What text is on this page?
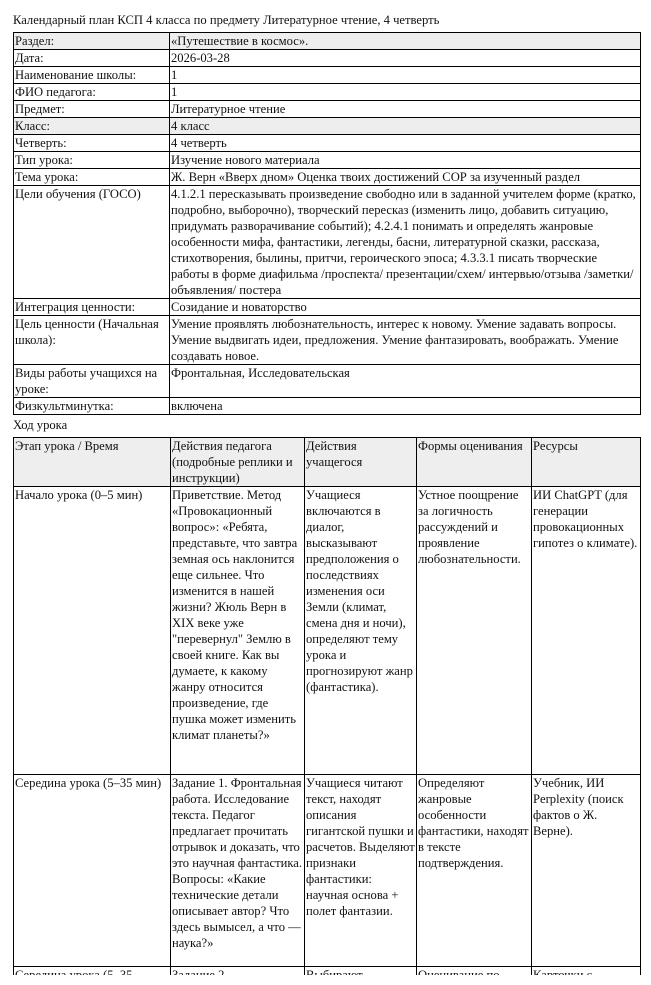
Календарный план КСП 4 класса по предмету Литературное чтение, 4 четверть
Раздел:	«Путешествие в космос».
Дата:	2026-03-28
Наименование школы:	1
ФИО педагога:	1
Предмет:	Литературное чтение
Класс:	4 класс
Четверть:	4 четверть
Тип урока:	Изучение нового материала
Тема урока:	Ж. Верн «Вверх дном» Оценка твоих достижений СОР за изученный раздел
Цели обучения (ГОСО)	4.1.2.1 пересказывать произведение свободно или в заданной учителем форме (кратко, подробно, выборочно), творческий пересказ (изменить лицо, добавить ситуацию, придумать разворачивание событий); 4.2.4.1 понимать и определять жанровые особенности мифа, фантастики, легенды, басни, литературной сказки, рассказа, стихотворения, былины, притчи, героического эпоса; 4.3.3.1 писать творческие работы в форме диафильма /проспекта/ презентации/схем/ интервью/отзыва /заметки/объявления/ постера
Интеграция ценности:	Созидание и новаторство
Цель ценности (Начальная школа):	Умение проявлять любознательность, интерес к новому. Умение задавать вопросы. Умение выдвигать идеи, предложения. Умение фантазировать, воображать. Умение создавать новое.
Виды работы учащихся на уроке:	Фронтальная, Исследовательская
Физкультминутка:	включена
Ход урока
Этап урока / Время	Действия педагога (подробные реплики и инструкции)	Действия учащегося	Формы оценивания	Ресурсы
Начало урока (0–5 мин)	Приветствие. Метод «Провокационный вопрос»: «Ребята, представьте, что завтра земная ось наклонится еще сильнее. Что изменится в нашей жизни? Жюль Верн в XIX веке уже "перевернул" Землю в своей книге. Как вы думаете, к какому жанру относится произведение, где пушка может изменить климат планеты?»	Учащиеся включаются в диалог, высказывают предположения о последствиях изменения оси Земли (климат, смена дня и ночи), определяют тему урока и прогнозируют жанр (фантастика).	Устное поощрение за логичность рассуждений и проявление любознательности.	ИИ ChatGPT (для генерации провокационных гипотез о климате).
Середина урока (5–35 мин)	Задание 1. Фронтальная работа. Исследование текста. Педагог предлагает прочитать отрывок и доказать, что это научная фантастика. Вопросы: «Какие технические детали описывает автор? Что здесь вымысел, а что — наука?»	Учащиеся читают текст, находят описания гигантской пушки и расчетов. Выделяют признаки фантастики: научная основа + полет фантазии.	Определяют жанровые особенности фантастики, находят в тексте подтверждения.	Учебник, ИИ Perplexity (поиск фактов о Ж. Верне).
